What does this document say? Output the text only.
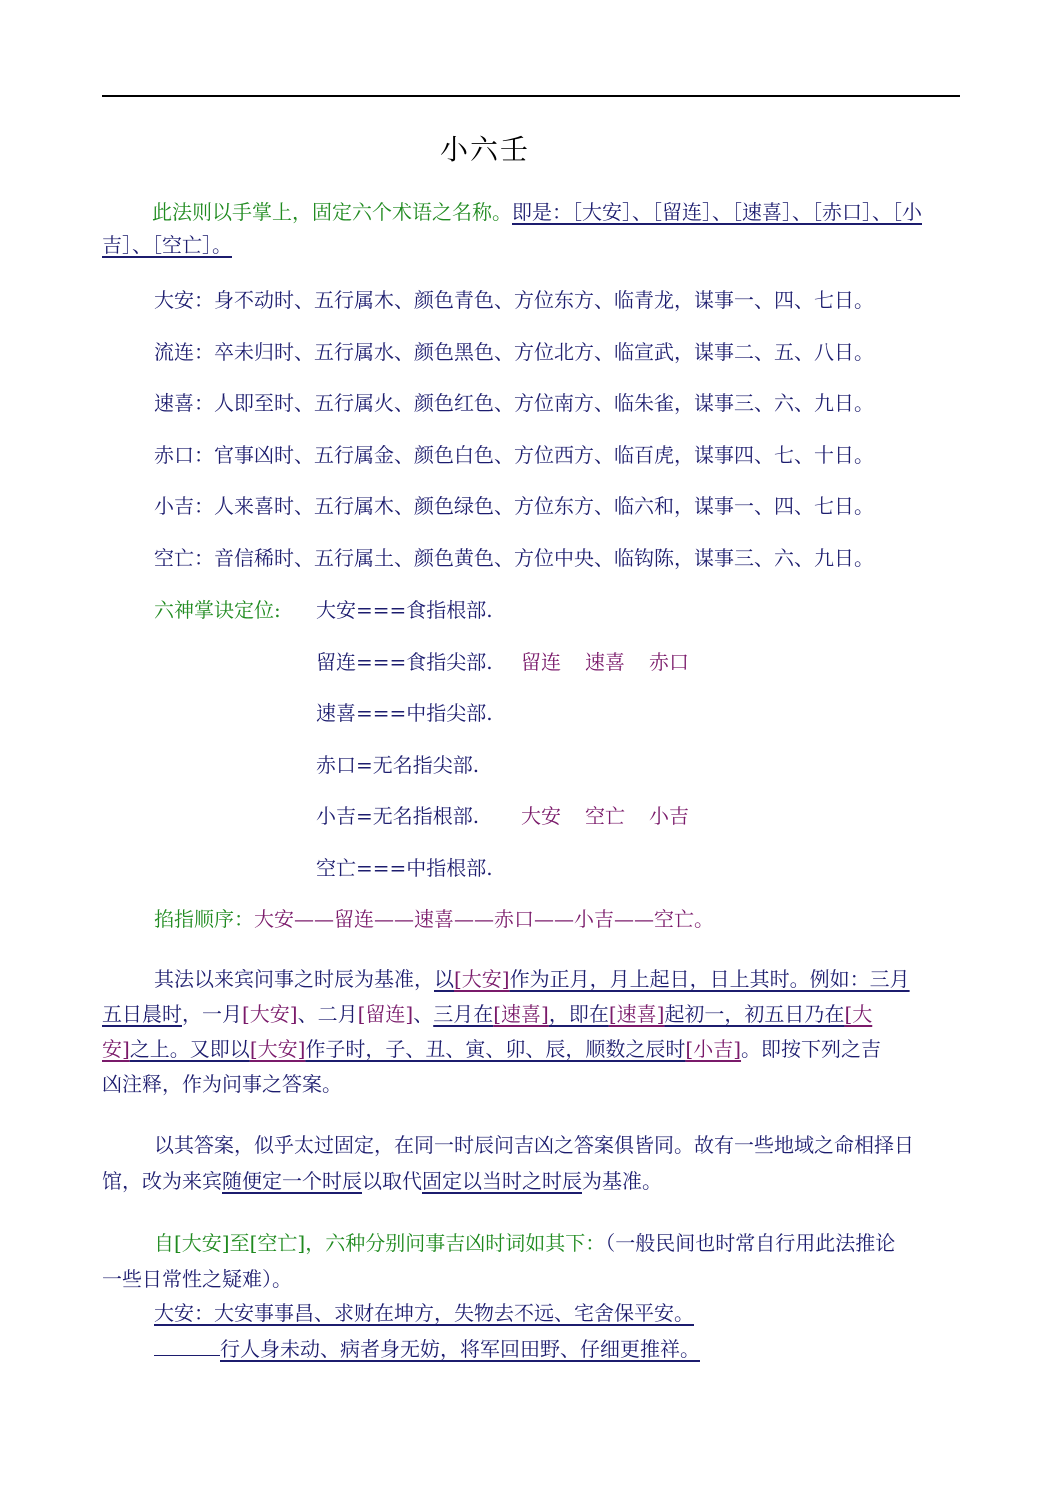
小六壬
此法则以手掌上，固定六个术语之名称。即是：［大安］、［留连］、［速喜］、［赤口］、［小
吉］、［空亡］。
大安：身不动时、五行属木、颜色青色、方位东方、临青龙，谋事一、四、七日。
流连：卒未归时、五行属水、颜色黑色、方位北方、临宣武，谋事二、五、八日。
速喜：人即至时、五行属火、颜色红色、方位南方、临朱雀，谋事三、六、九日。
赤口：官事凶时、五行属金、颜色白色、方位西方、临百虎，谋事四、七、十日。
小吉：人来喜时、五行属木、颜色绿色、方位东方、临六和，谋事一、四、七日。
空亡：音信稀时、五行属土、颜色黄色、方位中央、临钩陈，谋事三、六、九日。
六神掌诀定位: 大安===食指根部.
留连===食指尖部.
速喜===中指尖部.
赤口=无名指尖部.
小吉=无名指根部.
空亡===中指根部.
留连 速喜 赤口
大安 空亡 小吉
掐指顺序：大安——留连——速喜——赤口——小吉——空亡。
其法以来宾问事之时辰为基准，以[大安]作为正月，月上起日，日上其时。例如：三月
五日晨时，一月[大安]、二月[留连]、三月在[速喜]，即在[速喜]起初一，初五日乃在[大
安]之上。又即以[大安]作子时，子、丑、寅、卯、辰，顺数之辰时[小吉]。即按下列之吉
凶注释，作为问事之答案。
以其答案，似乎太过固定，在同一时辰问吉凶之答案俱皆同。故有一些地域之命相择日
馆，改为来宾随便定一个时辰以取代固定以当时之时辰为基准。
自[大安]至[空亡]，六种分别问事吉凶时词如其下：（一般民间也时常自行用此法推论
一些日常性之疑难）。
大安：大安事事昌、求财在坤方，失物去不远、宅舍保平安。
行人身未动、病者身无妨，将军回田野、仔细更推祥。
